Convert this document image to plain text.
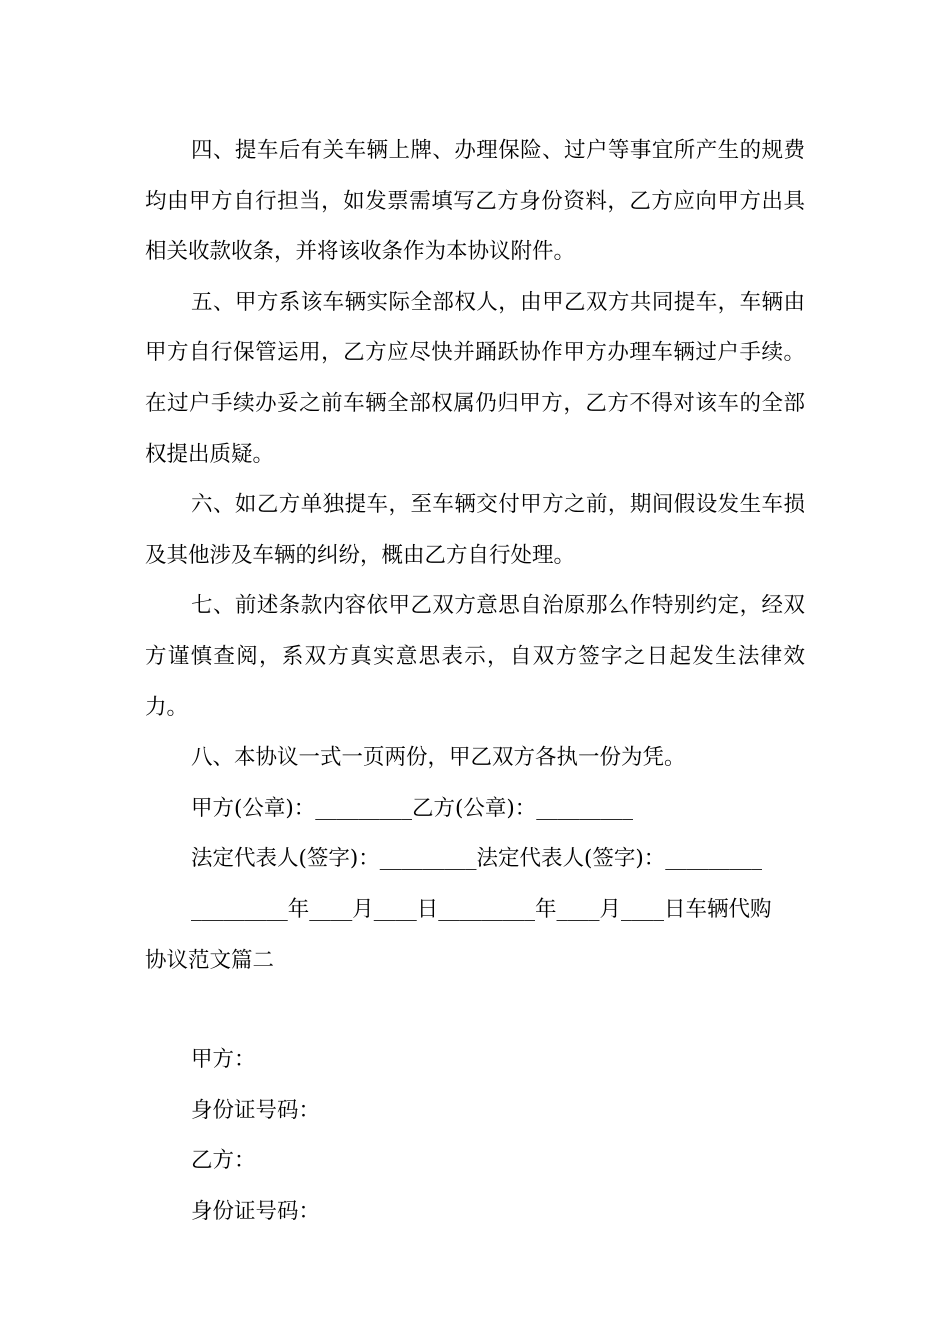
四、提车后有关车辆上牌、办理保险、过户等事宜所产生的规费均由甲方自行担当，如发票需填写乙方身份资料，乙方应向甲方出具相关收款收条，并将该收条作为本协议附件。

五、甲方系该车辆实际全部权人，由甲乙双方共同提车，车辆由甲方自行保管运用，乙方应尽快并踊跃协作甲方办理车辆过户手续。在过户手续办妥之前车辆全部权属仍归甲方，乙方不得对该车的全部权提出质疑。

六、如乙方单独提车，至车辆交付甲方之前，期间假设发生车损及其他涉及车辆的纠纷，概由乙方自行处理。

七、前述条款内容依甲乙双方意思自治原那么作特别约定，经双方谨慎查阅，系双方真实意思表示，自双方签字之日起发生法律效力。

八、本协议一式一页两份，甲乙双方各执一份为凭。

甲方(公章)：_________乙方(公章)：_________

法定代表人(签字)：_________法定代表人(签字)：_________

_________年____月____日_________年____月____日车辆代购

协议范文篇二

甲方：

身份证号码：

乙方：

身份证号码：
